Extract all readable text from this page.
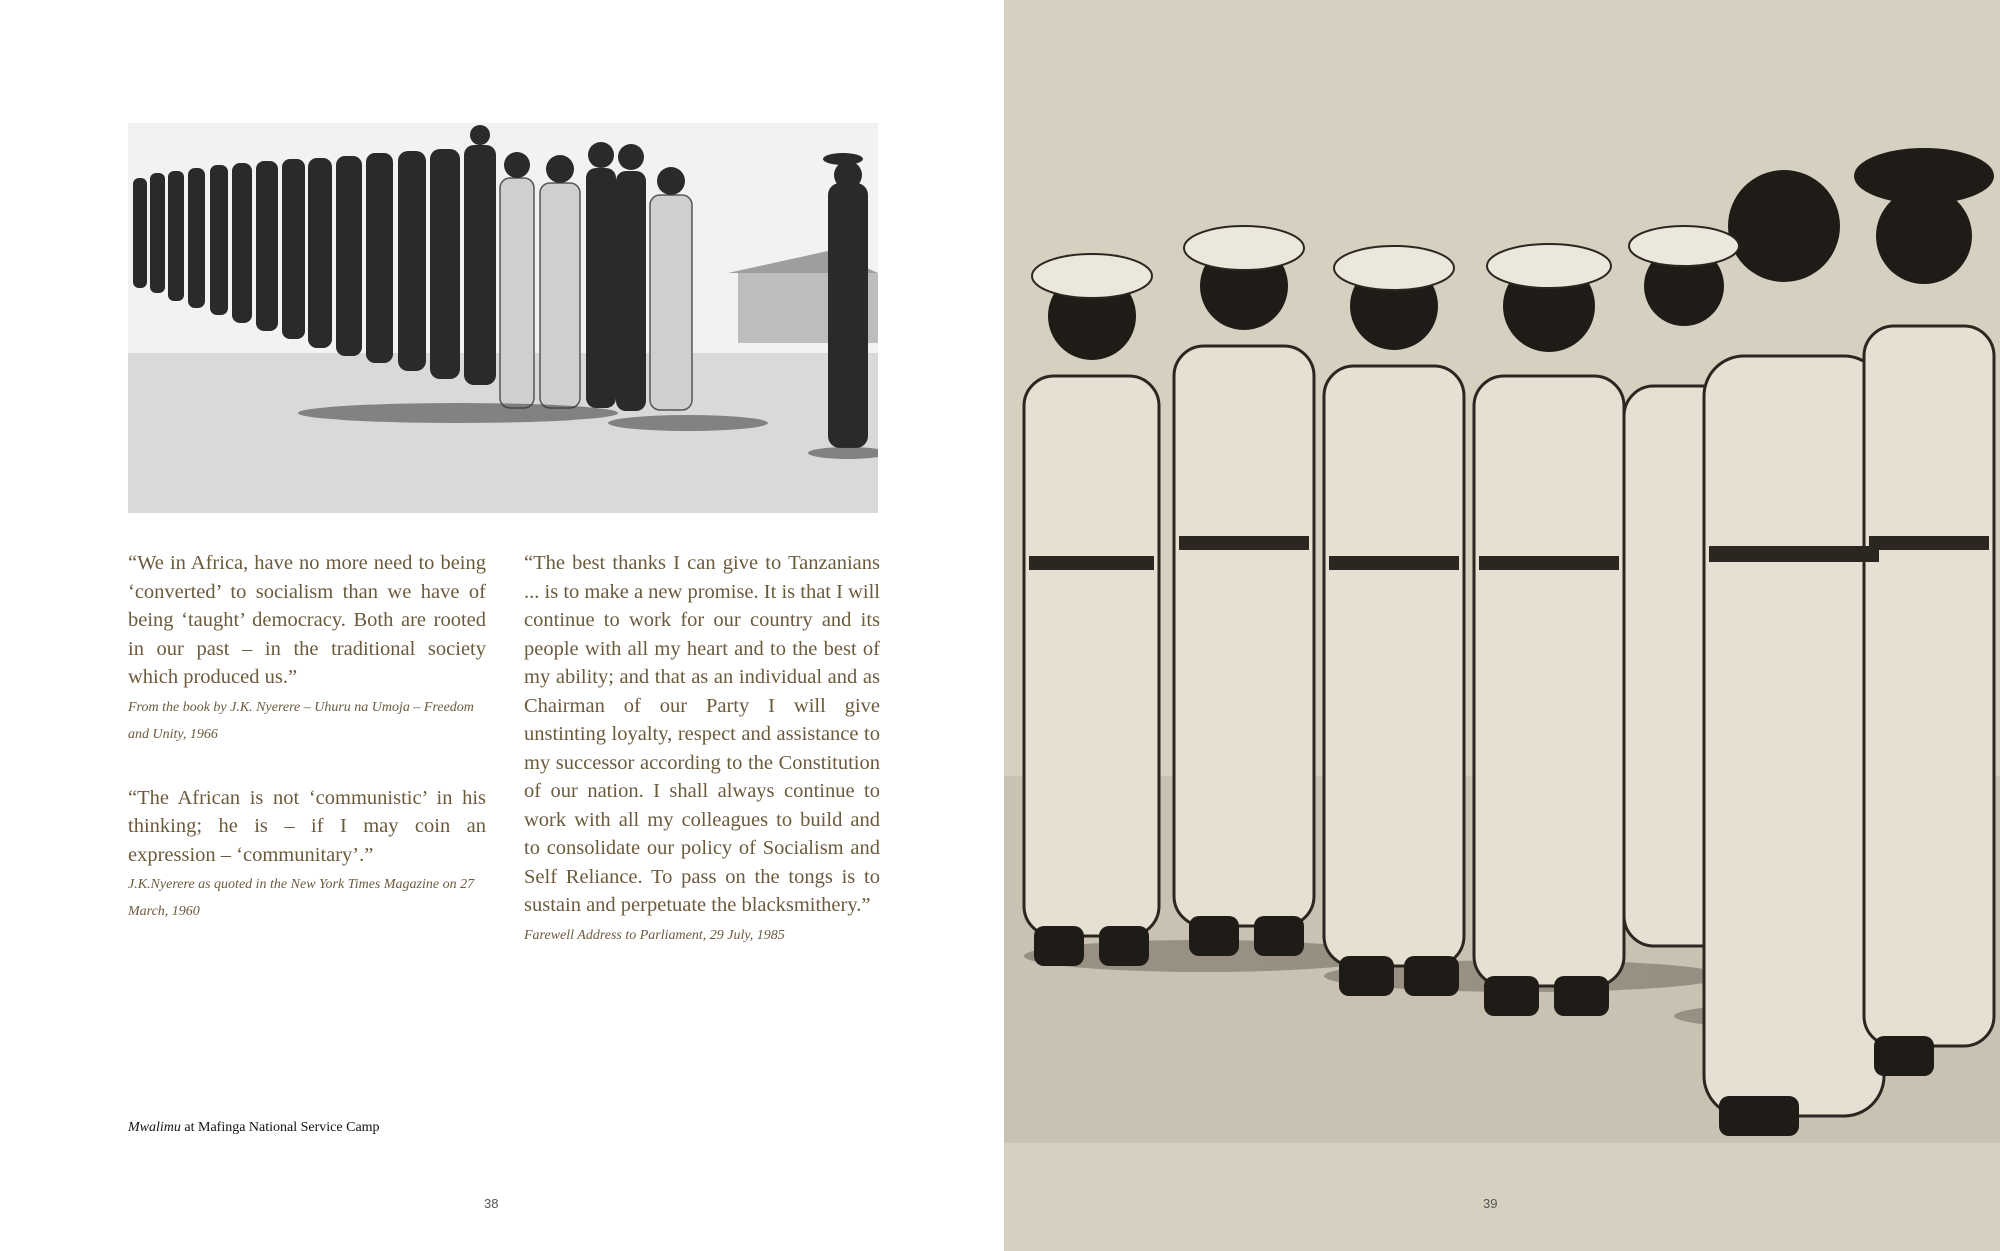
“We in Africa, have no more need to being ‘converted’ to socialism than we have of being ‘taught’ democracy. Both are rooted in our past – in the traditional society which produced us.”

From the book by J.K. Nyerere – Uhuru na Umoja – Freedom and Unity, 1966

“The African is not ‘communistic’ in his thinking; he is – if I may coin an expression – ‘communitary’.”

J.K.Nyerere as quoted in the New York Times Magazine on 27 March, 1960

“The best thanks I can give to Tanzanians ... is to make a new promise. It is that I will continue to work for our country and its people with all my heart and to the best of my ability; and that as an individual and as Chairman of our Party I will give unstinting loyalty, respect and assistance to my successor according to the Constitution of our nation. I shall always continue to work with all my colleagues to build and to consolidate our policy of Socialism and Self Reliance. To pass on the tongs is to sustain and perpetuate the blacksmithery.”

Farewell Address to Parliament, 29 July, 1985

Mwalimu at Mafinga National Service Camp
38	39
